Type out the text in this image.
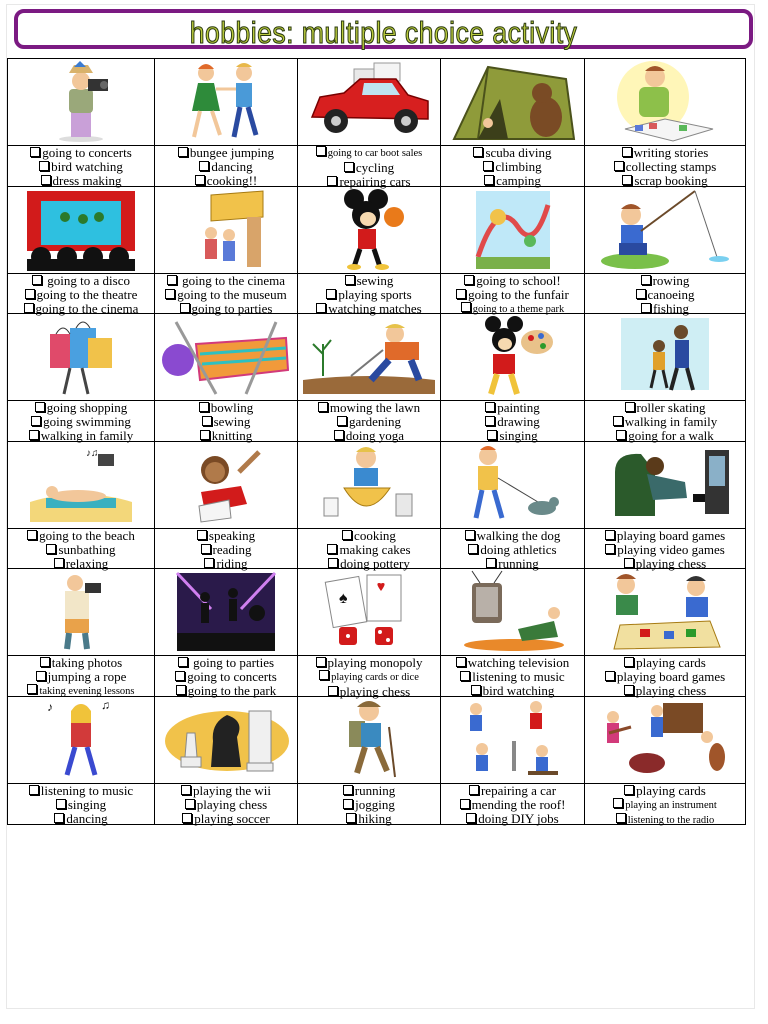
hobbies: multiple choice activity
going to concerts
bird watching
dress making
bungee jumping
dancing
cooking!!
going to car boot sales
cycling
repairing cars
scuba diving
climbing
camping
writing stories
collecting stamps
scrap booking
going to a disco
going to the theatre
going to the cinema
going to the cinema
going to the museum
going to parties
sewing
playing sports
watching matches
going to school!
going to the funfair
going to a theme park
rowing
canoeing
fishing
going shopping
going swimming
walking in family
bowling
sewing
knitting
mowing the lawn
gardening
doing yoga
painting
drawing
singing
roller skating
walking in family
going for a walk
♪♫
going to the beach
sunbathing
relaxing
speaking
reading
riding
cooking
making cakes
doing pottery
walking the dog
doing athletics
running
playing board games
playing video games
playing chess
taking photos
jumping a rope
taking evening lessons
going to parties
going to concerts
going to the park
♠
playing monopoly
playing cards or dice
playing chess
watching television
listening to music
bird watching
playing cards
playing board games
playing chess
♪	♫
listening to music
singing
dancing
playing the wii
playing chess
playing soccer
running
jogging
hiking
repairing a car
mending the roof!
doing DIY jobs
playing cards
playing an instrument
listening to the radio
